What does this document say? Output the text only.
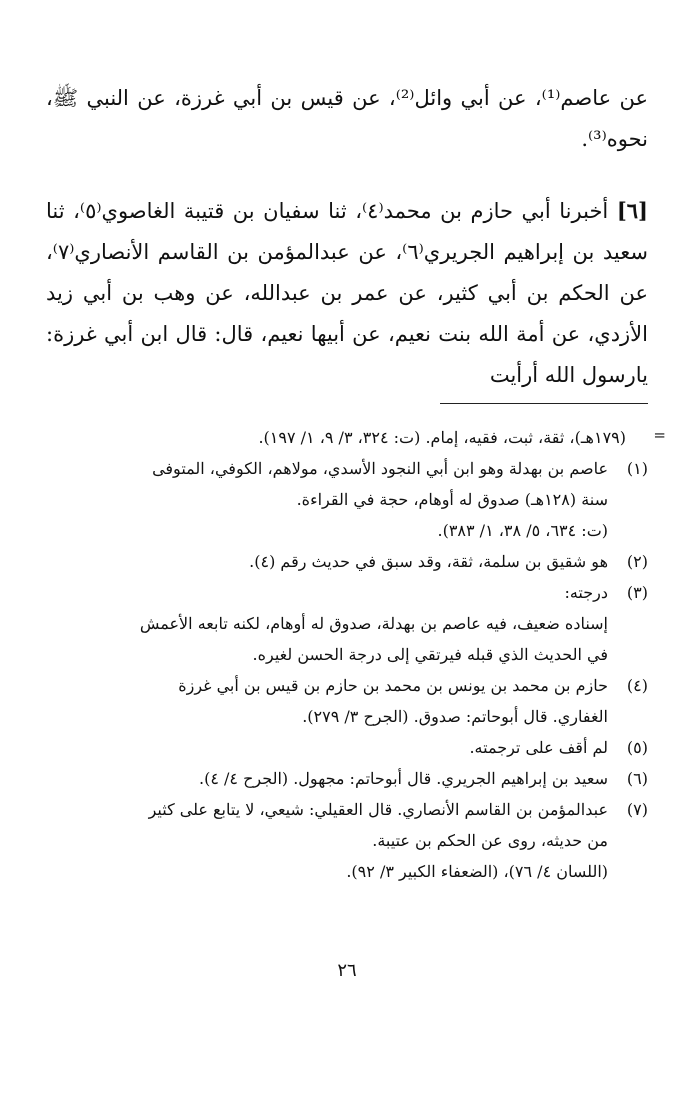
عن عاصم⁽¹⁾، عن أبي وائل⁽²⁾، عن قيس بن أبي غرزة، عن النبي ﷺ، نحوه⁽³⁾.

[٦] أخبرنا أبي حازم بن محمد⁽٤⁾، ثنا سفيان بن قتيبة الغاصوي⁽٥⁾، ثنا سعيد بن إبراهيم الجريري⁽٦⁾، عن عبدالمؤمن بن القاسم الأنصاري⁽٧⁾، عن الحكم بن أبي كثير، عن عمر بن عبدالله، عن وهب بن أبي زيد الأزدي، عن أمة الله بنت نعيم، عن أبيها نعيم، قال: قال ابن أبي غرزة: يارسول الله أرأيت

=
(١٧٩هـ)، ثقة، ثبت، فقيه، إمام. (ت: ٣٢٤، ٣/ ٩، ١/ ١٩٧).
(١)
عاصم بن بهدلة وهو ابن أبي النجود الأسدي، مولاهم، الكوفي، المتوفى
سنة (١٢٨هـ) صدوق له أوهام، حجة في القراءة.
(ت: ٦٣٤، ٥/ ٣٨، ١/ ٣٨٣).
(٢)
هو شقيق بن سلمة، ثقة، وقد سبق في حديث رقم (٤).
(٣)
درجته:
إسناده ضعيف، فيه عاصم بن بهدلة، صدوق له أوهام، لكنه تابعه الأعمش
في الحديث الذي قبله فيرتقي إلى درجة الحسن لغيره.
(٤)
حازم بن محمد بن يونس بن محمد بن حازم بن قيس بن أبي غرزة
الغفاري. قال أبوحاتم: صدوق. (الجرح ٣/ ٢٧٩).
(٥)
لم أقف على ترجمته.
(٦)
سعيد بن إبراهيم الجريري. قال أبوحاتم: مجهول. (الجرح ٤/ ٤).
(٧)
عبدالمؤمن بن القاسم الأنصاري. قال العقيلي: شيعي، لا يتابع على كثير
من حديثه، روى عن الحكم بن عتيبة.
(اللسان ٤/ ٧٦)، (الضعفاء الكبير ٣/ ٩٢).
٢٦
